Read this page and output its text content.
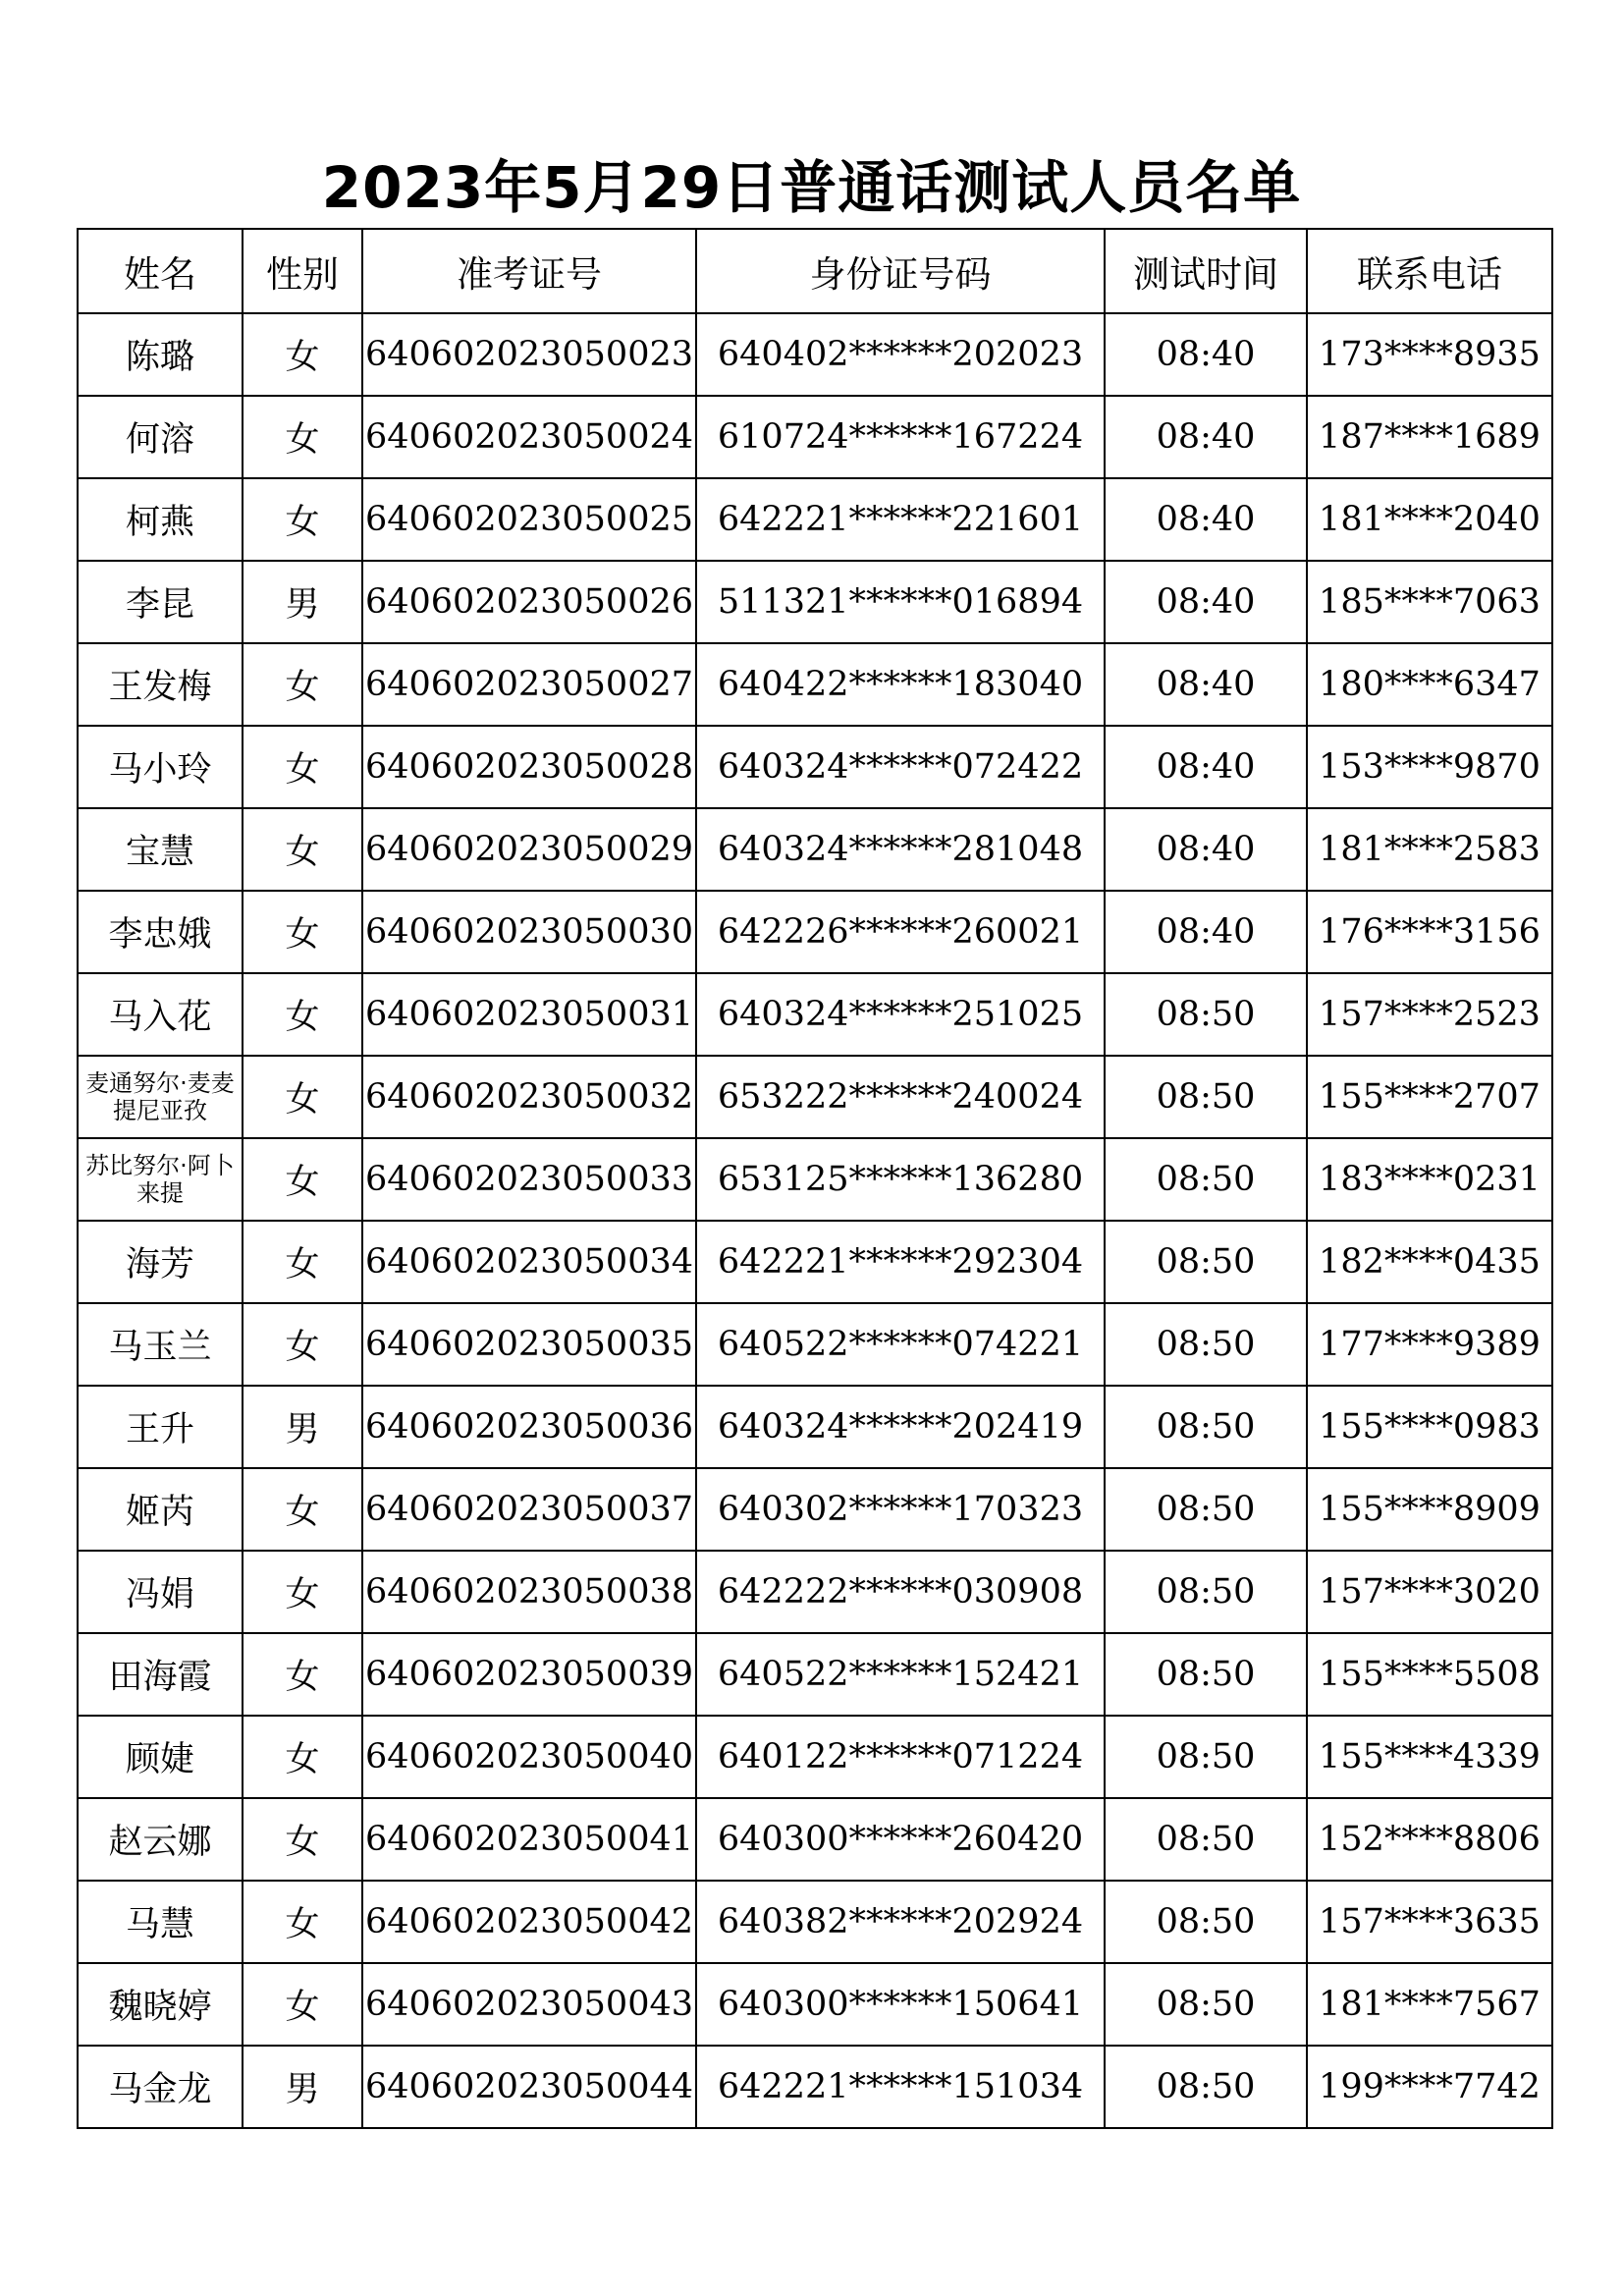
2023年5月29日普通话测试人员名单
姓名	性别	准考证号	身份证号码	测试时间	联系电话
陈璐	女	640602023050023	640402******202023	08:40	173****8935
何溶	女	640602023050024	610724******167224	08:40	187****1689
柯燕	女	640602023050025	642221******221601	08:40	181****2040
李昆	男	640602023050026	511321******016894	08:40	185****7063
王发梅	女	640602023050027	640422******183040	08:40	180****6347
马小玲	女	640602023050028	640324******072422	08:40	153****9870
宝慧	女	640602023050029	640324******281048	08:40	181****2583
李忠娥	女	640602023050030	642226******260021	08:40	176****3156
马入花	女	640602023050031	640324******251025	08:50	157****2523
麦通努尔·麦麦提尼亚孜	女	640602023050032	653222******240024	08:50	155****2707
苏比努尔·阿卜来提	女	640602023050033	653125******136280	08:50	183****0231
海芳	女	640602023050034	642221******292304	08:50	182****0435
马玉兰	女	640602023050035	640522******074221	08:50	177****9389
王升	男	640602023050036	640324******202419	08:50	155****0983
姬芮	女	640602023050037	640302******170323	08:50	155****8909
冯娟	女	640602023050038	642222******030908	08:50	157****3020
田海霞	女	640602023050039	640522******152421	08:50	155****5508
顾婕	女	640602023050040	640122******071224	08:50	155****4339
赵云娜	女	640602023050041	640300******260420	08:50	152****8806
马慧	女	640602023050042	640382******202924	08:50	157****3635
魏晓婷	女	640602023050043	640300******150641	08:50	181****7567
马金龙	男	640602023050044	642221******151034	08:50	199****7742
